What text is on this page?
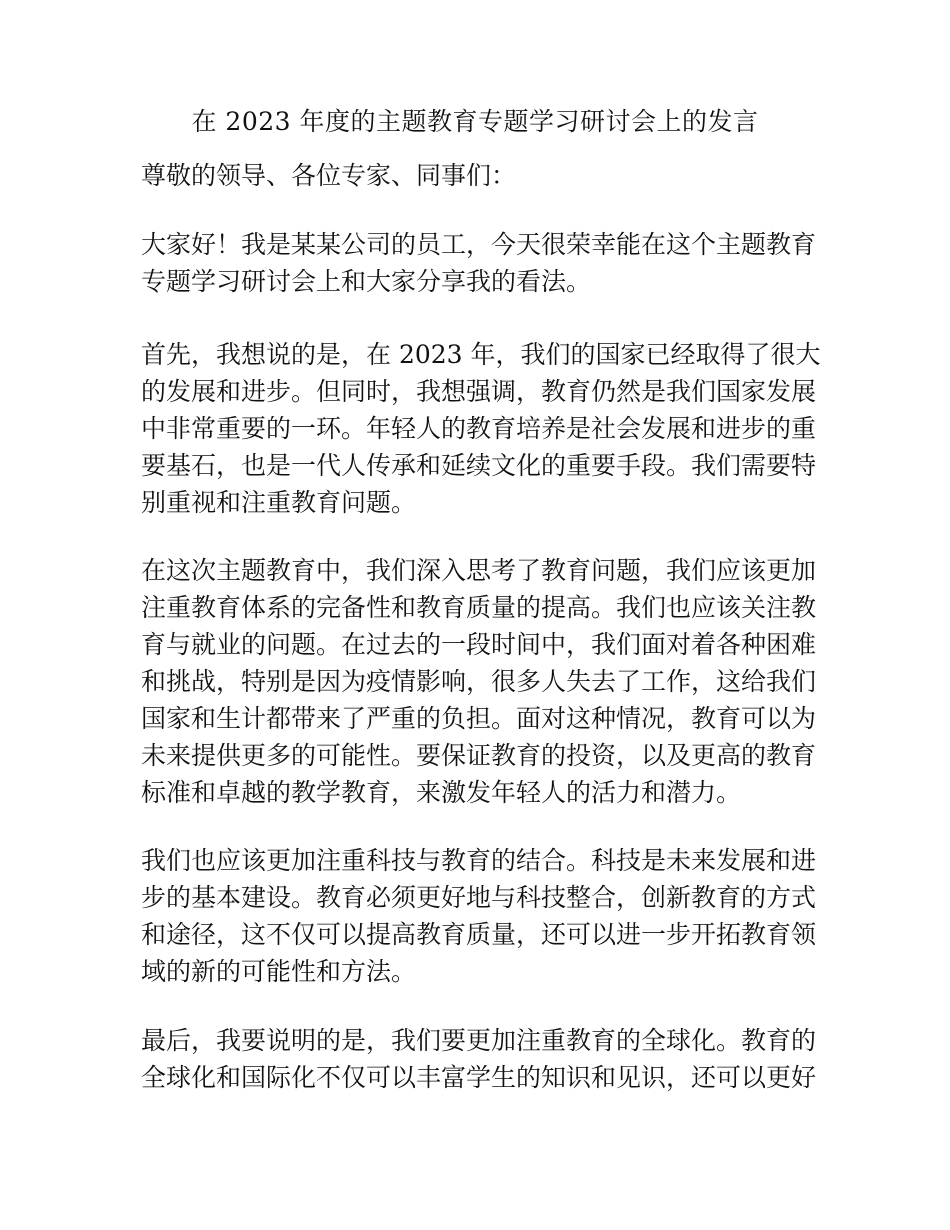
在 2023 年度的主题教育专题学习研讨会上的发言
尊敬的领导、各位专家、同事们：
大家好！我是某某公司的员工，今天很荣幸能在这个主题教育
专题学习研讨会上和大家分享我的看法。
首先，我想说的是，在 2023 年，我们的国家已经取得了很大
的发展和进步。但同时，我想强调，教育仍然是我们国家发展
中非常重要的一环。年轻人的教育培养是社会发展和进步的重
要基石，也是一代人传承和延续文化的重要手段。我们需要特
别重视和注重教育问题。
在这次主题教育中，我们深入思考了教育问题，我们应该更加
注重教育体系的完备性和教育质量的提高。我们也应该关注教
育与就业的问题。在过去的一段时间中，我们面对着各种困难
和挑战，特别是因为疫情影响，很多人失去了工作，这给我们
国家和生计都带来了严重的负担。面对这种情况，教育可以为
未来提供更多的可能性。要保证教育的投资，以及更高的教育
标准和卓越的教学教育，来激发年轻人的活力和潜力。
我们也应该更加注重科技与教育的结合。科技是未来发展和进
步的基本建设。教育必须更好地与科技整合，创新教育的方式
和途径，这不仅可以提高教育质量，还可以进一步开拓教育领
域的新的可能性和方法。
最后，我要说明的是，我们要更加注重教育的全球化。教育的
全球化和国际化不仅可以丰富学生的知识和见识，还可以更好
